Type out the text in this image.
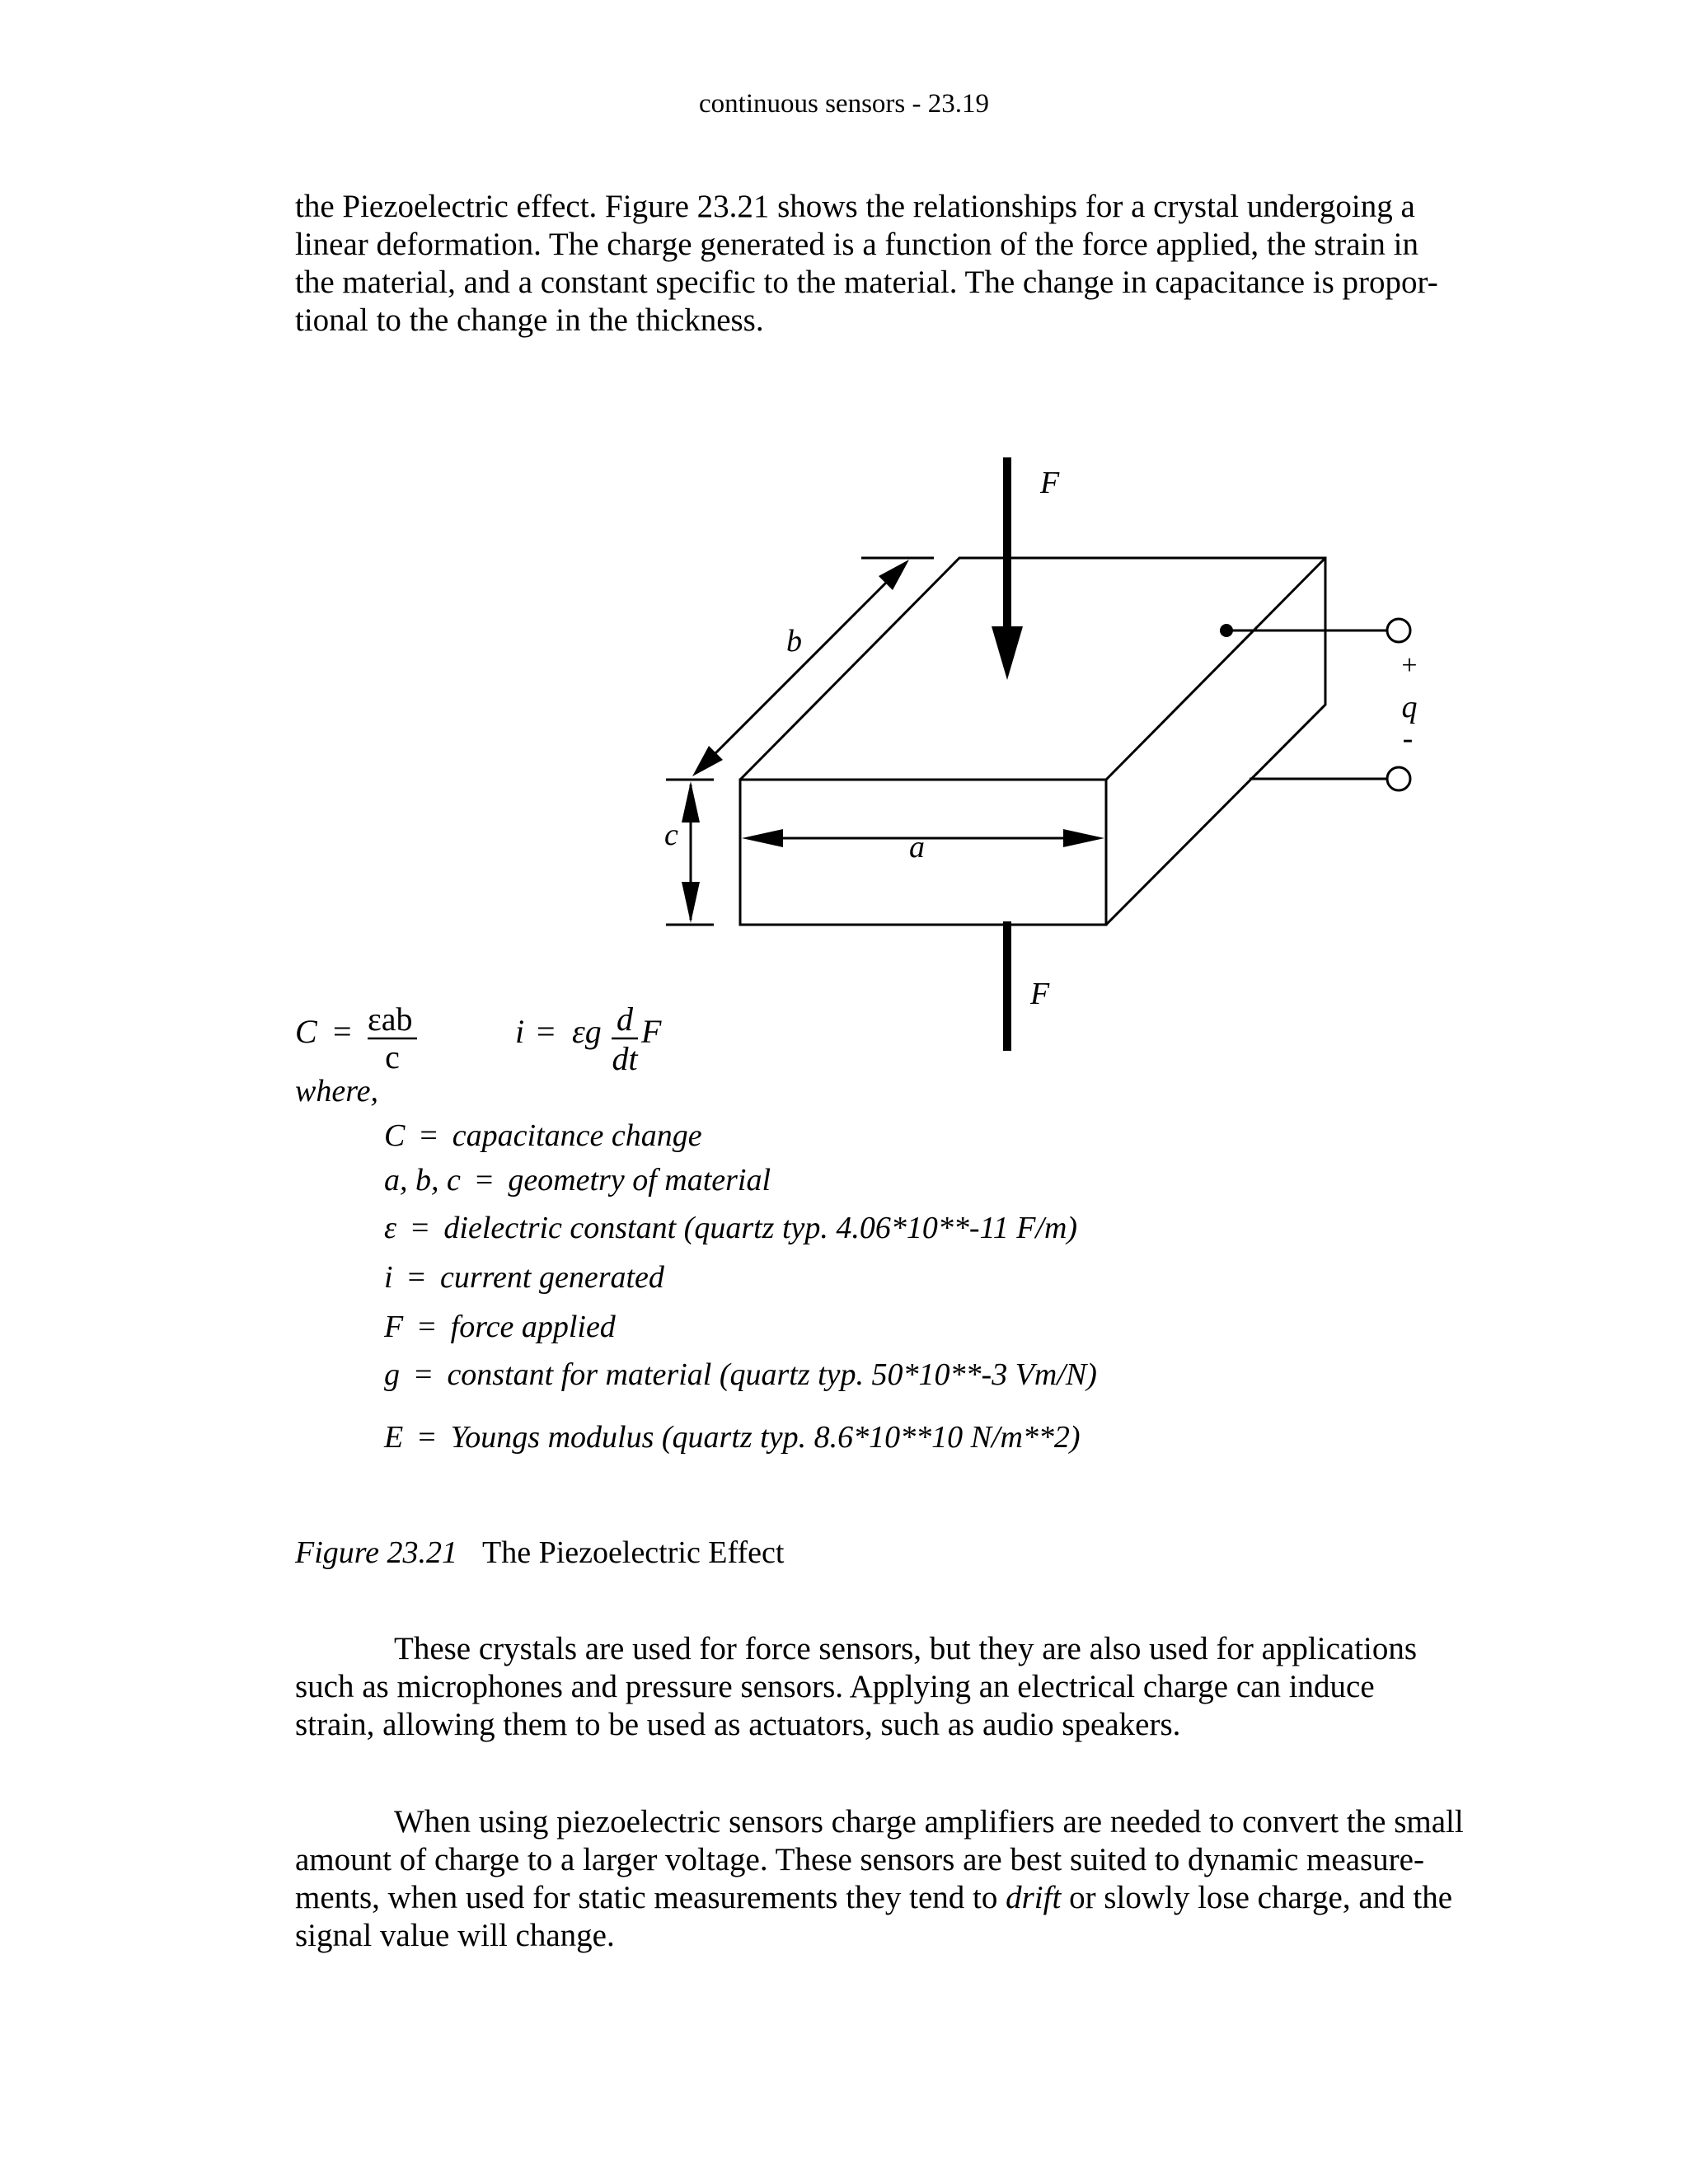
continuous sensors - 23.19
the Piezoelectric effect. Figure 23.21 shows the relationships for a crystal undergoing a
linear deformation. The charge generated is a function of the force applied, the strain in
the material, and a constant specific to the material. The change in capacitance is propor-
tional to the change in the thickness.
F
F
a
b
c
+
q
-
C = εab
c
i = εg d
dt
F
where,
C = capacitance change
a, b, c = geometry of material
ε = dielectric constant (quartz typ. 4.06*10**-11 F/m)
i = current generated
F = force applied
g = constant for material (quartz typ. 50*10**-3 Vm/N)
E = Youngs modulus (quartz typ. 8.6*10**10 N/m**2)
Figure 23.21 The Piezoelectric Effect
These crystals are used for force sensors, but they are also used for applications
such as microphones and pressure sensors. Applying an electrical charge can induce
strain, allowing them to be used as actuators, such as audio speakers.
When using piezoelectric sensors charge amplifiers are needed to convert the small
amount of charge to a larger voltage. These sensors are best suited to dynamic measure-
ments, when used for static measurements they tend to drift or slowly lose charge, and the
signal value will change.
